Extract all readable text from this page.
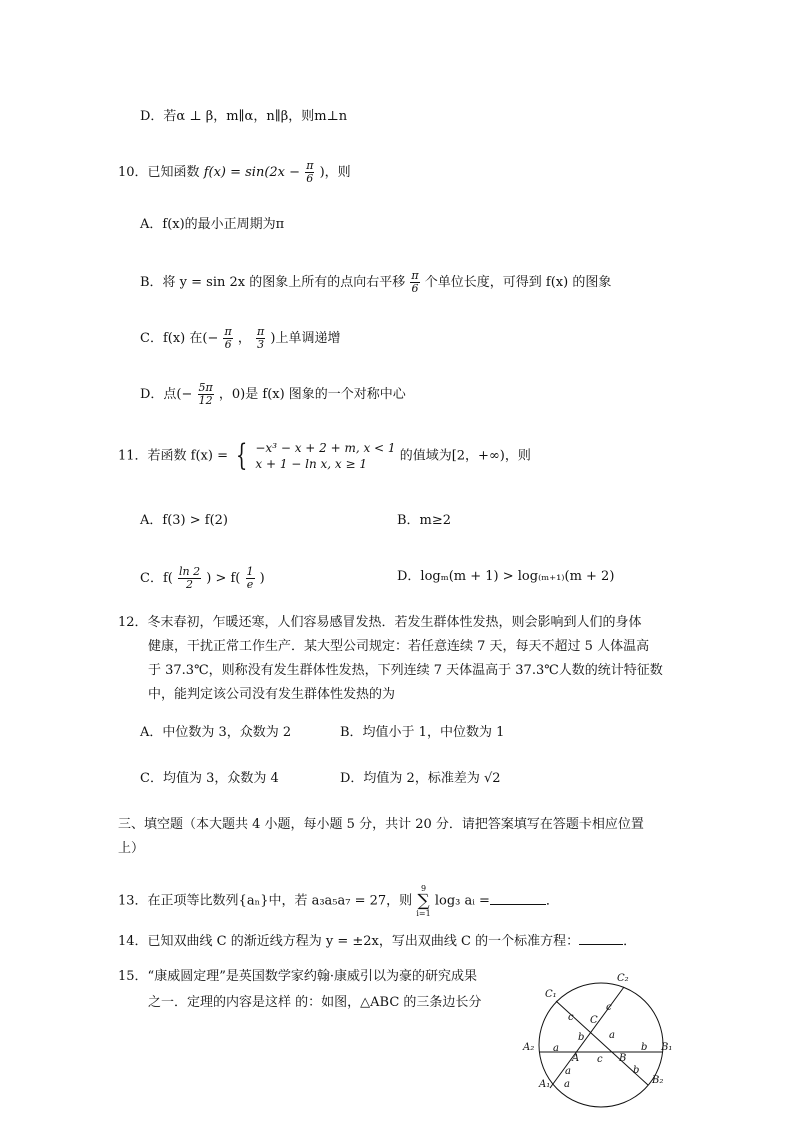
D．若α ⊥ β，m∥α，n∥β，则m⊥n
10．已知函数 $f(x) = \sin(2x - \frac{\pi}{6}$ )，则
A．f(x)的最小正周期为π
B．将 y = sin 2x 的图象上所有的点向右平移 $\frac{\pi}{6}$ 个单位长度，可得到 f(x) 的图象
C．f(x) 在(− $\frac{\pi}{6}$ ， $\frac{\pi}{3}$ )上单调递增
D．点(− $\frac{5\pi}{12}$ ，0)是 f(x) 图象的一个对称中心
11．若函数 f(x) = { −x³ − x + 2 + m, x < 1
x + 1 − ln x, x ≥ 1
的值域为[2，+∞)，则
A．f(3) > f(2)	B．m≥2
C．$f( \frac{\ln 2}{2}$ ) > $f( \frac{1}{e}$ )	D．logₘ(m + 1) > log₍ₘ₊₁₎(m + 2)
12．冬末春初，乍暖还寒，人们容易感冒发热．若发生群体性发热，则会影响到人们的身体
健康，干扰正常工作生产．某大型公司规定：若任意连续 7 天，每天不超过 5 人体温高
于 37.3℃，则称没有发生群体性发热，下列连续 7 天体温高于 37.3℃人数的统计特征数
中，能判定该公司没有发生群体性发热的为
A．中位数为 3，众数为 2	B．均值小于 1，中位数为 1
C．均值为 3，众数为 4	D．均值为 2，标准差为 √2
三、填空题（本大题共 4 小题，每小题 5 分，共计 20 分．请把答案填写在答题卡相应位置
上）
13．在正项等比数列{aₙ}中，若 a₃a₅a₇ = 27，则 9
∑
i=1 log₃ aᵢ =	．
14．已知双曲线 C 的渐近线方程为 y = ±2x，写出双曲线 C 的一个标准方程：	．
15．“康威圆定理”是英国数学家约翰·康威引以为豪的研究成果
之一．定理的内容是这样 的：如图，△ABC 的三条边长分
C₂
C₁
C
c
c
b a
a
A₂
a
A c B
b B₁
A₁ a
b
B₂
